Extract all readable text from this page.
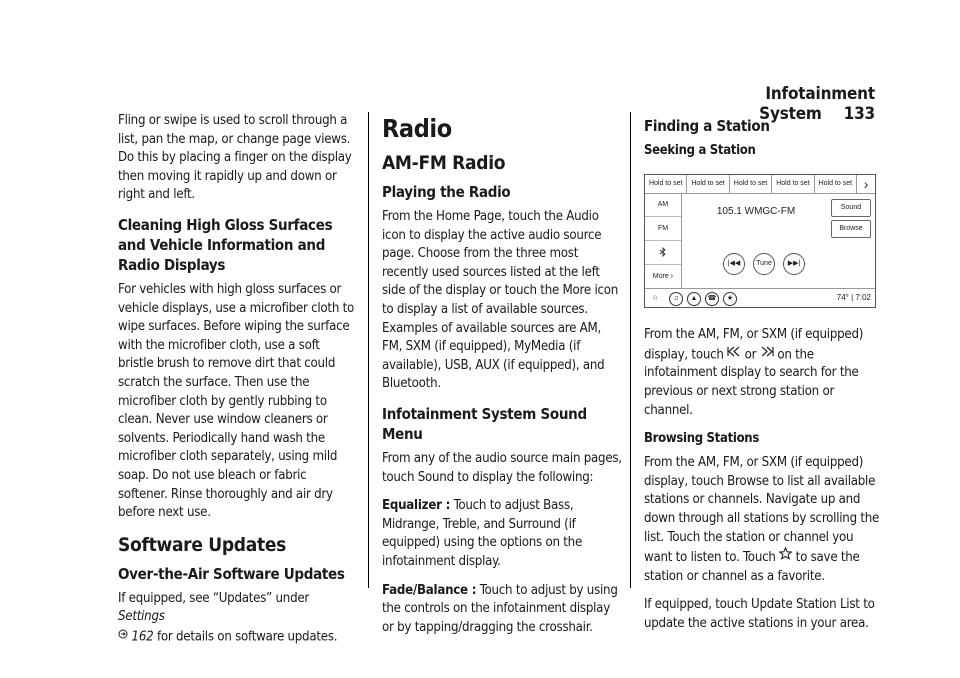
Infotainment System 133

Fling or swipe is used to scroll through a list, pan the map, or change page views. Do this by placing a finger on the display then moving it rapidly up and down or right and left.

Cleaning High Gloss Surfaces and Vehicle Information and Radio Displays

For vehicles with high gloss surfaces or vehicle displays, use a microfiber cloth to wipe surfaces. Before wiping the surface with the microfiber cloth, use a soft bristle brush to remove dirt that could scratch the surface. Then use the microfiber cloth by gently rubbing to clean. Never use window cleaners or solvents. Periodically hand wash the microfiber cloth separately, using mild soap. Do not use bleach or fabric softener. Rinse thoroughly and air dry before next use.

Software Updates
Over-the-Air Software Updates

If equipped, see “Updates” under Settings
162 for details on software updates.

Radio
AM-FM Radio
Playing the Radio

From the Home Page, touch the Audio icon to display the active audio source page. Choose from the three most recently used sources listed at the left side of the display or touch the More icon to display a list of available sources. Examples of available sources are AM, FM, SXM (if equipped), MyMedia (if available), USB, AUX (if equipped), and Bluetooth.

Infotainment System Sound Menu

From any of the audio source main pages, touch Sound to display the following:

Equalizer : Touch to adjust Bass, Midrange, Treble, and Surround (if equipped) using the options on the infotainment display.

Fade/Balance : Touch to adjust by using the controls on the infotainment display or by tapping/dragging the crosshair.

Finding a Station
Seeking a Station
Hold to set	Hold to set	Hold to set	Hold to set	Hold to set ›
AM
FM
More ›
105.1 WMGC-FM	Sound
Browse
|◀◀	Tune	▶▶|
⌂	♫	▲	☎	★	74° | 7:02

From the AM, FM, or SXM (if equipped) display, touch  or  on the infotainment display to search for the previous or next strong station or channel.

Browsing Stations

From the AM, FM, or SXM (if equipped) display, touch Browse to list all available stations or channels. Navigate up and down through all stations by scrolling the list. Touch the station or channel you want to listen to. Touch  to save the station or channel as a favorite.

If equipped, touch Update Station List to update the active stations in your area.
